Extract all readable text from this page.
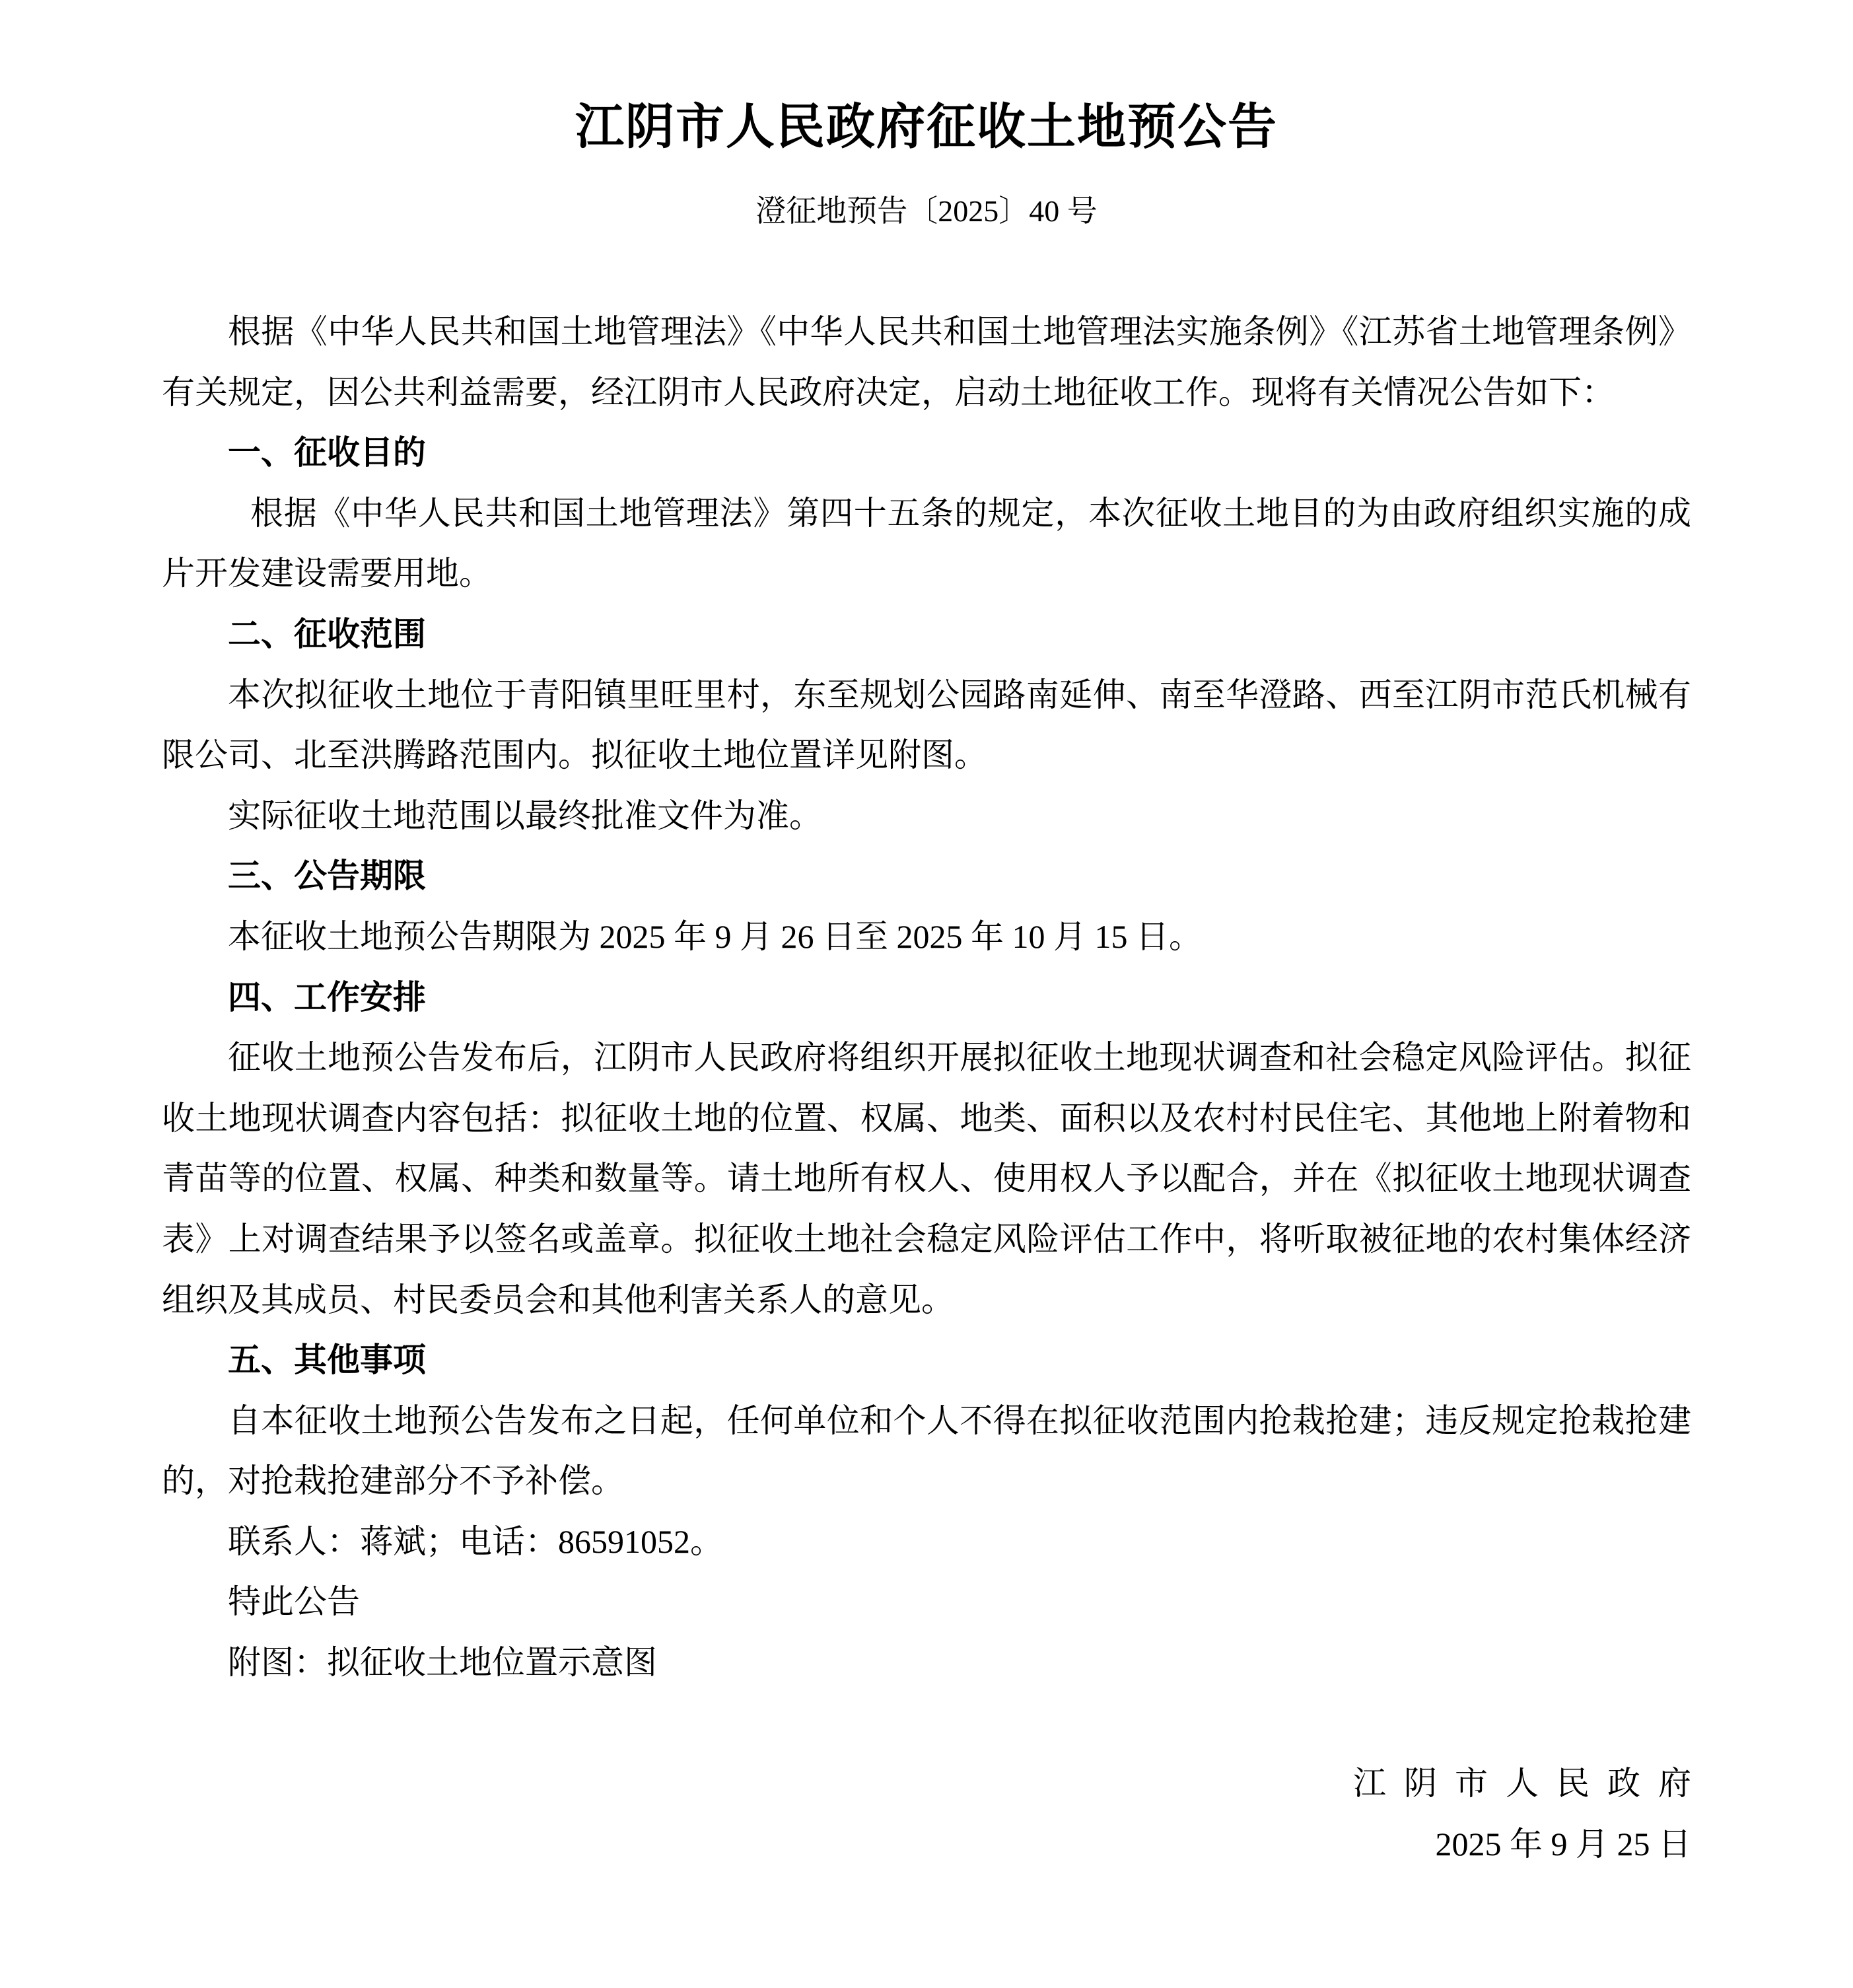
江阴市人民政府征收土地预公告
澄征地预告〔2025〕40 号

根据《中华人民共和国土地管理法》《中华人民共和国土地管理法实施条例》《江苏省土地管理条例》有关规定，因公共利益需要，经江阴市人民政府决定，启动土地征收工作。现将有关情况公告如下：

一、征收目的

根据《中华人民共和国土地管理法》第四十五条的规定，本次征收土地目的为由政府组织实施的成片开发建设需要用地。

二、征收范围

本次拟征收土地位于青阳镇里旺里村，东至规划公园路南延伸、南至华澄路、西至江阴市范氏机械有限公司、北至洪腾路范围内。拟征收土地位置详见附图。

实际征收土地范围以最终批准文件为准。

三、公告期限

本征收土地预公告期限为 2025 年 9 月 26 日至 2025 年 10 月 15 日。

四、工作安排

征收土地预公告发布后，江阴市人民政府将组织开展拟征收土地现状调查和社会稳定风险评估。拟征收土地现状调查内容包括：拟征收土地的位置、权属、地类、面积以及农村村民住宅、其他地上附着物和青苗等的位置、权属、种类和数量等。请土地所有权人、使用权人予以配合，并在《拟征收土地现状调查表》上对调查结果予以签名或盖章。拟征收土地社会稳定风险评估工作中，将听取被征地的农村集体经济组织及其成员、村民委员会和其他利害关系人的意见。

五、其他事项

自本征收土地预公告发布之日起，任何单位和个人不得在拟征收范围内抢栽抢建；违反规定抢栽抢建的，对抢栽抢建部分不予补偿。

联系人：蒋斌；电话：86591052。

特此公告

附图：拟征收土地位置示意图

江阴市人民政府

2025 年 9 月 25 日
